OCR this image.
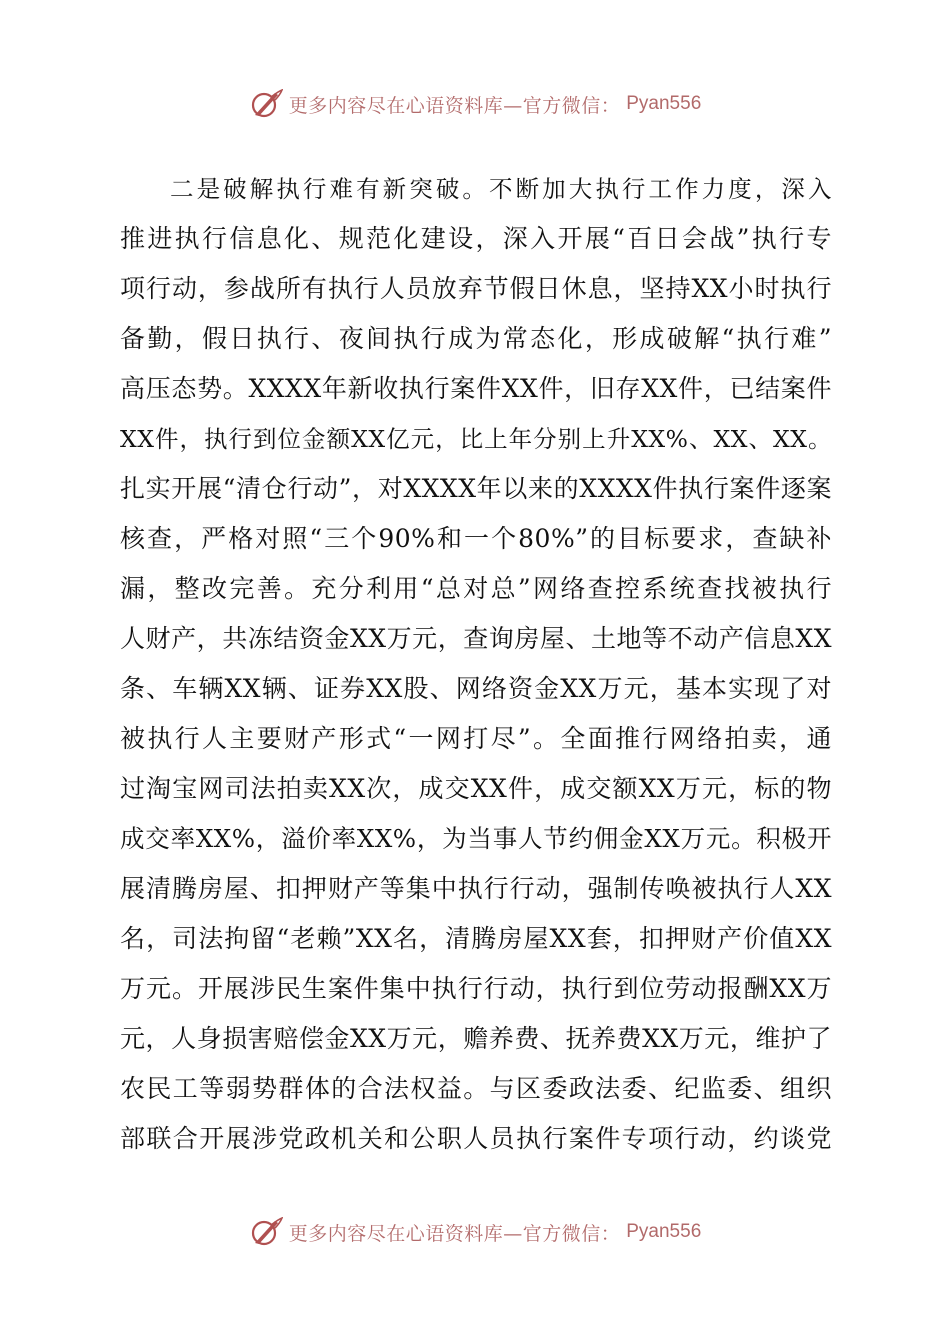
更多内容尽在心语资料库—官方微信： Pyan556
二是破解执行难有新突破。不断加大执行工作力度，深入
推进执行信息化、规范化建设，深入开展“百日会战”执行专
项行动，参战所有执行人员放弃节假日休息，坚持XX小时执行
备勤，假日执行、夜间执行成为常态化，形成破解“执行难”
高压态势。XXXX年新收执行案件XX件，旧存XX件，已结案件
XX件，执行到位金额XX亿元，比上年分别上升XX%、XX、XX。
扎实开展“清仓行动”，对XXXX年以来的XXXX件执行案件逐案
核查，严格对照“三个90%和一个80%”的目标要求，查缺补
漏，整改完善。充分利用“总对总”网络查控系统查找被执行
人财产，共冻结资金XX万元，查询房屋、土地等不动产信息XX
条、车辆XX辆、证券XX股、网络资金XX万元，基本实现了对
被执行人主要财产形式“一网打尽”。全面推行网络拍卖，通
过淘宝网司法拍卖XX次，成交XX件，成交额XX万元，标的物
成交率XX%，溢价率XX%，为当事人节约佣金XX万元。积极开
展清腾房屋、扣押财产等集中执行行动，强制传唤被执行人XX
名，司法拘留“老赖”XX名，清腾房屋XX套，扣押财产价值XX
万元。开展涉民生案件集中执行行动，执行到位劳动报酬XX万
元，人身损害赔偿金XX万元，赡养费、抚养费XX万元，维护了
农民工等弱势群体的合法权益。与区委政法委、纪监委、组织
部联合开展涉党政机关和公职人员执行案件专项行动，约谈党
更多内容尽在心语资料库—官方微信： Pyan556
